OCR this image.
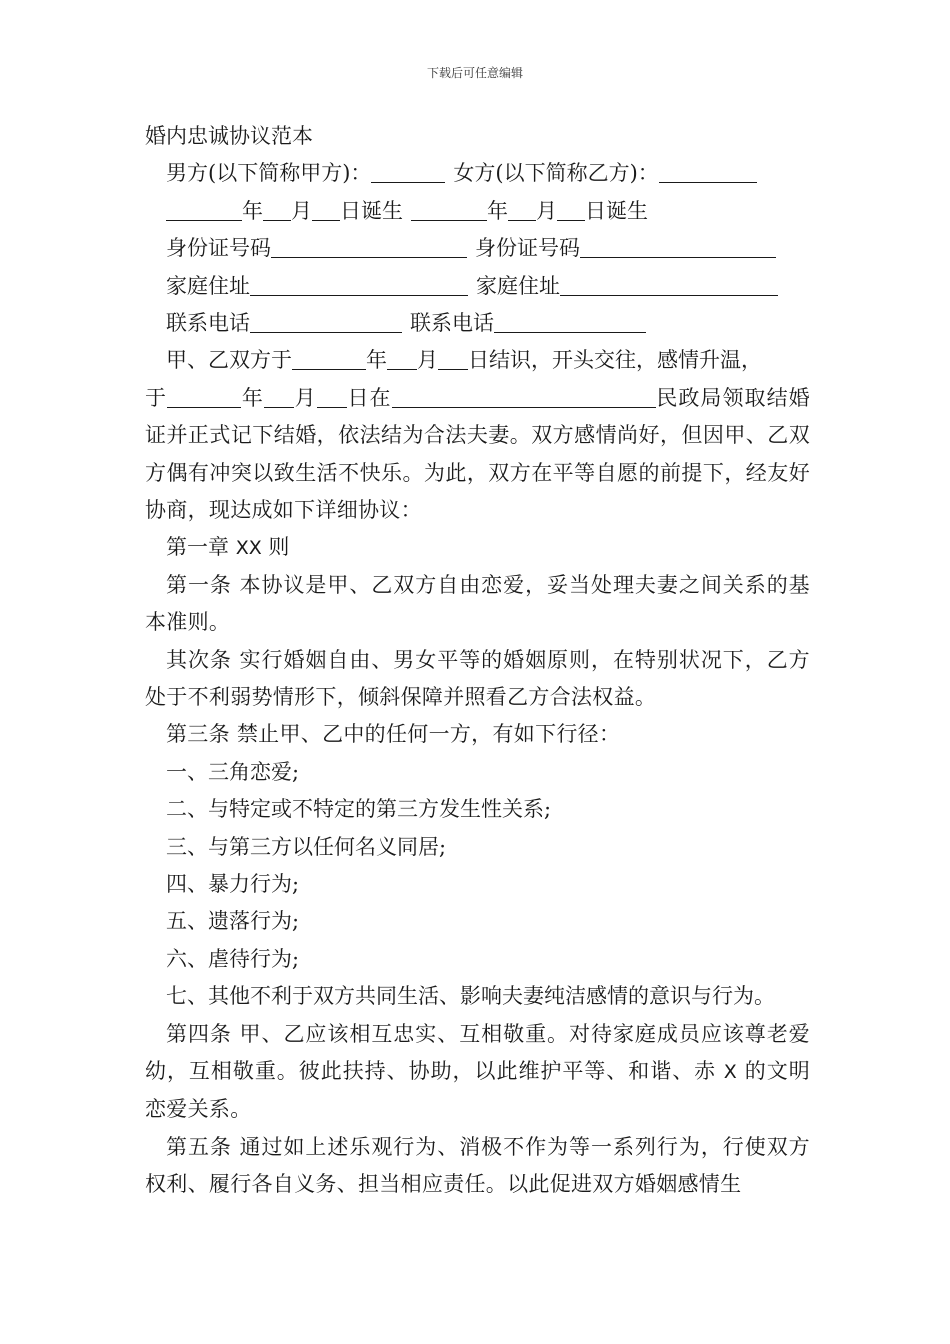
下载后可任意编辑
婚内忠诚协议范本
男方(以下简称甲方)：	女方(以下简称乙方)：
年 月 日诞生	年 月 日诞生
身份证号码	身份证号码
家庭住址	家庭住址
联系电话	联系电话
甲、乙双方于	年 月 日结识，开头交往，感情升温，
于	年 月 日在	民政局领取结婚证并正式记下结婚，依法结为合法夫妻。双方感情尚好，但因甲、乙双方偶有冲突以致生活不快乐。为此，双方在平等自愿的前提下，经友好协商，现达成如下详细协议：
第一章 XX 则
第一条 本协议是甲、乙双方自由恋爱，妥当处理夫妻之间关系的基本准则。
其次条 实行婚姻自由、男女平等的婚姻原则，在特别状况下，乙方处于不利弱势情形下，倾斜保障并照看乙方合法权益。
第三条 禁止甲、乙中的任何一方，有如下行径：
一、三角恋爱;
二、与特定或不特定的第三方发生性关系;
三、与第三方以任何名义同居;
四、暴力行为;
五、遗落行为;
六、虐待行为;
七、其他不利于双方共同生活、影响夫妻纯洁感情的意识与行为。
第四条 甲、乙应该相互忠实、互相敬重。对待家庭成员应该尊老爱幼，互相敬重。彼此扶持、协助，以此维护平等、和谐、赤 X 的文明恋爱关系。
第五条 通过如上述乐观行为、消极不作为等一系列行为，行使双方权利、履行各自义务、担当相应责任。以此促进双方婚姻感情生
